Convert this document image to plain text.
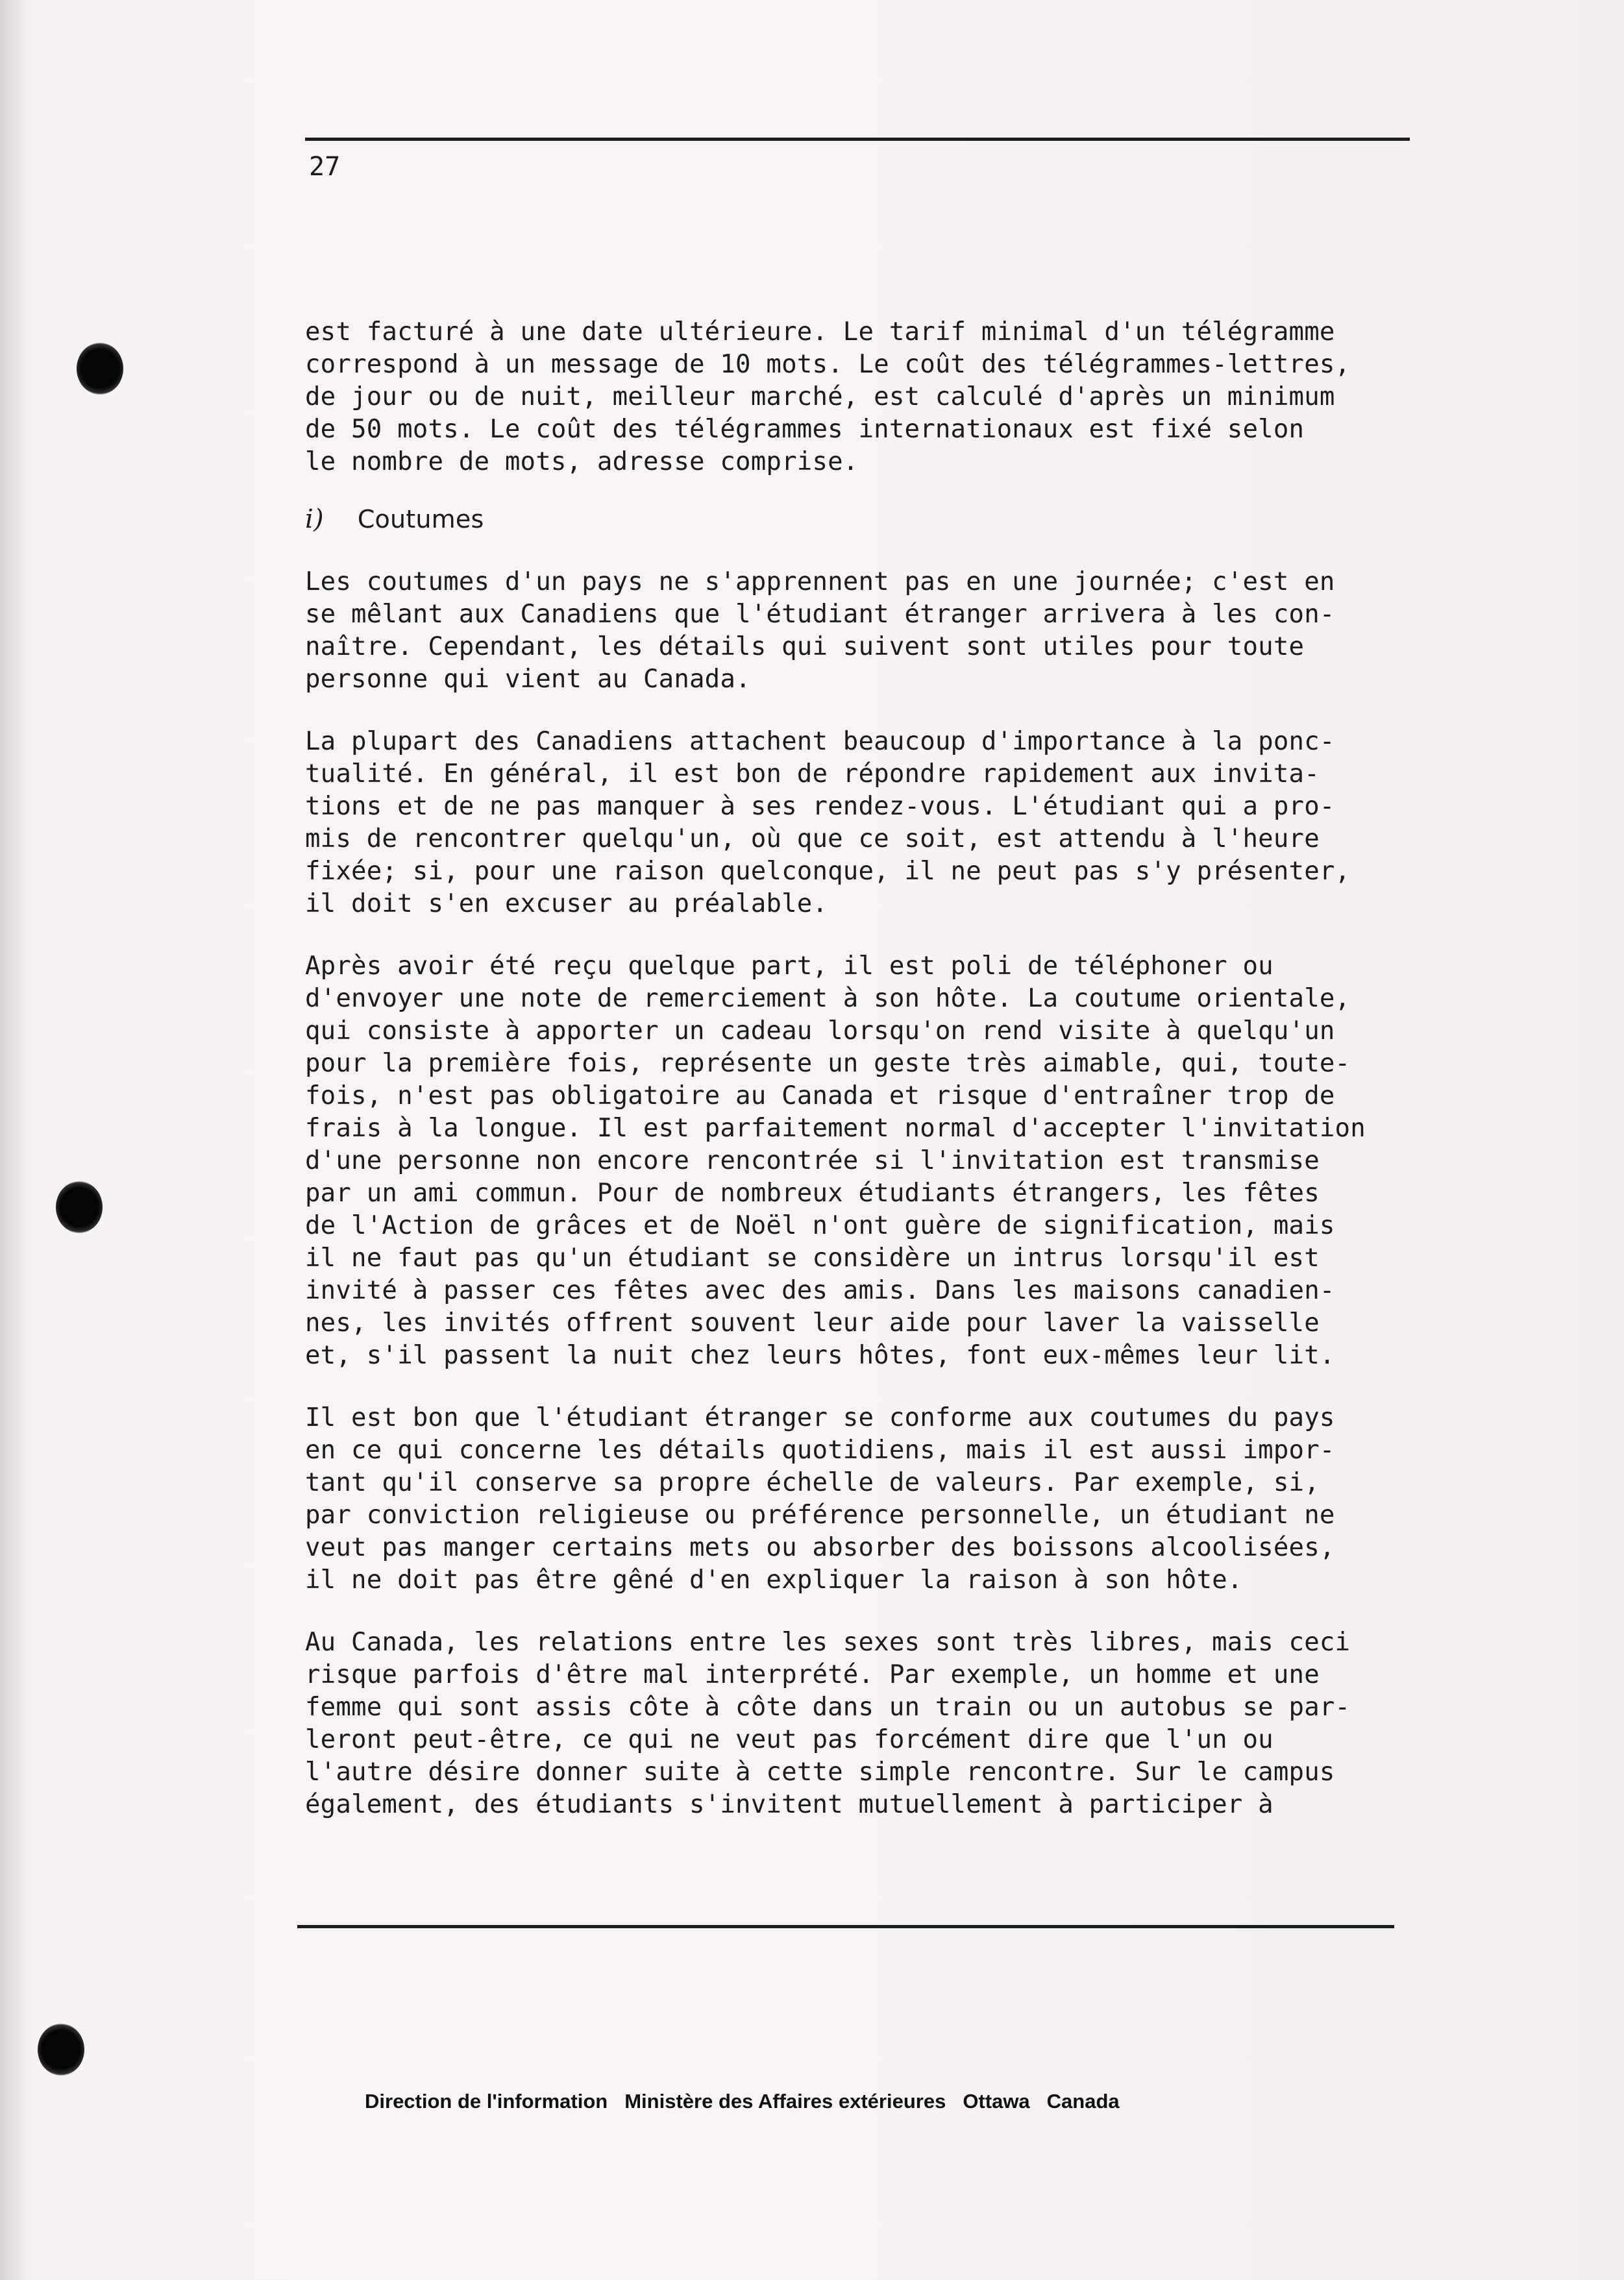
27

est facturé à une date ultérieure. Le tarif minimal d'un télégramme

correspond à un message de 10 mots. Le coût des télégrammes-lettres,

de jour ou de nuit, meilleur marché, est calculé d'après un minimum

de 50 mots. Le coût des télégrammes internationaux est fixé selon

le nombre de mots, adresse comprise.

i) Coutumes

Les coutumes d'un pays ne s'apprennent pas en une journée; c'est en

se mêlant aux Canadiens que l'étudiant étranger arrivera à les con-

naître. Cependant, les détails qui suivent sont utiles pour toute

personne qui vient au Canada.

La plupart des Canadiens attachent beaucoup d'importance à la ponc-

tualité. En général, il est bon de répondre rapidement aux invita-

tions et de ne pas manquer à ses rendez-vous. L'étudiant qui a pro-

mis de rencontrer quelqu'un, où que ce soit, est attendu à l'heure

fixée; si, pour une raison quelconque, il ne peut pas s'y présenter,

il doit s'en excuser au préalable.

Après avoir été reçu quelque part, il est poli de téléphoner ou

d'envoyer une note de remerciement à son hôte. La coutume orientale,

qui consiste à apporter un cadeau lorsqu'on rend visite à quelqu'un

pour la première fois, représente un geste très aimable, qui, toute-

fois, n'est pas obligatoire au Canada et risque d'entraîner trop de

frais à la longue. Il est parfaitement normal d'accepter l'invitation

d'une personne non encore rencontrée si l'invitation est transmise

par un ami commun. Pour de nombreux étudiants étrangers, les fêtes

de l'Action de grâces et de Noël n'ont guère de signification, mais

il ne faut pas qu'un étudiant se considère un intrus lorsqu'il est

invité à passer ces fêtes avec des amis. Dans les maisons canadien-

nes, les invités offrent souvent leur aide pour laver la vaisselle

et, s'il passent la nuit chez leurs hôtes, font eux-mêmes leur lit.

Il est bon que l'étudiant étranger se conforme aux coutumes du pays

en ce qui concerne les détails quotidiens, mais il est aussi impor-

tant qu'il conserve sa propre échelle de valeurs. Par exemple, si,

par conviction religieuse ou préférence personnelle, un étudiant ne

veut pas manger certains mets ou absorber des boissons alcoolisées,

il ne doit pas être gêné d'en expliquer la raison à son hôte.

Au Canada, les relations entre les sexes sont très libres, mais ceci

risque parfois d'être mal interprété. Par exemple, un homme et une

femme qui sont assis côte à côte dans un train ou un autobus se par-

leront peut-être, ce qui ne veut pas forcément dire que l'un ou

l'autre désire donner suite à cette simple rencontre. Sur le campus

également, des étudiants s'invitent mutuellement à participer à

Direction de l'information Ministère des Affaires extérieures Ottawa Canada
